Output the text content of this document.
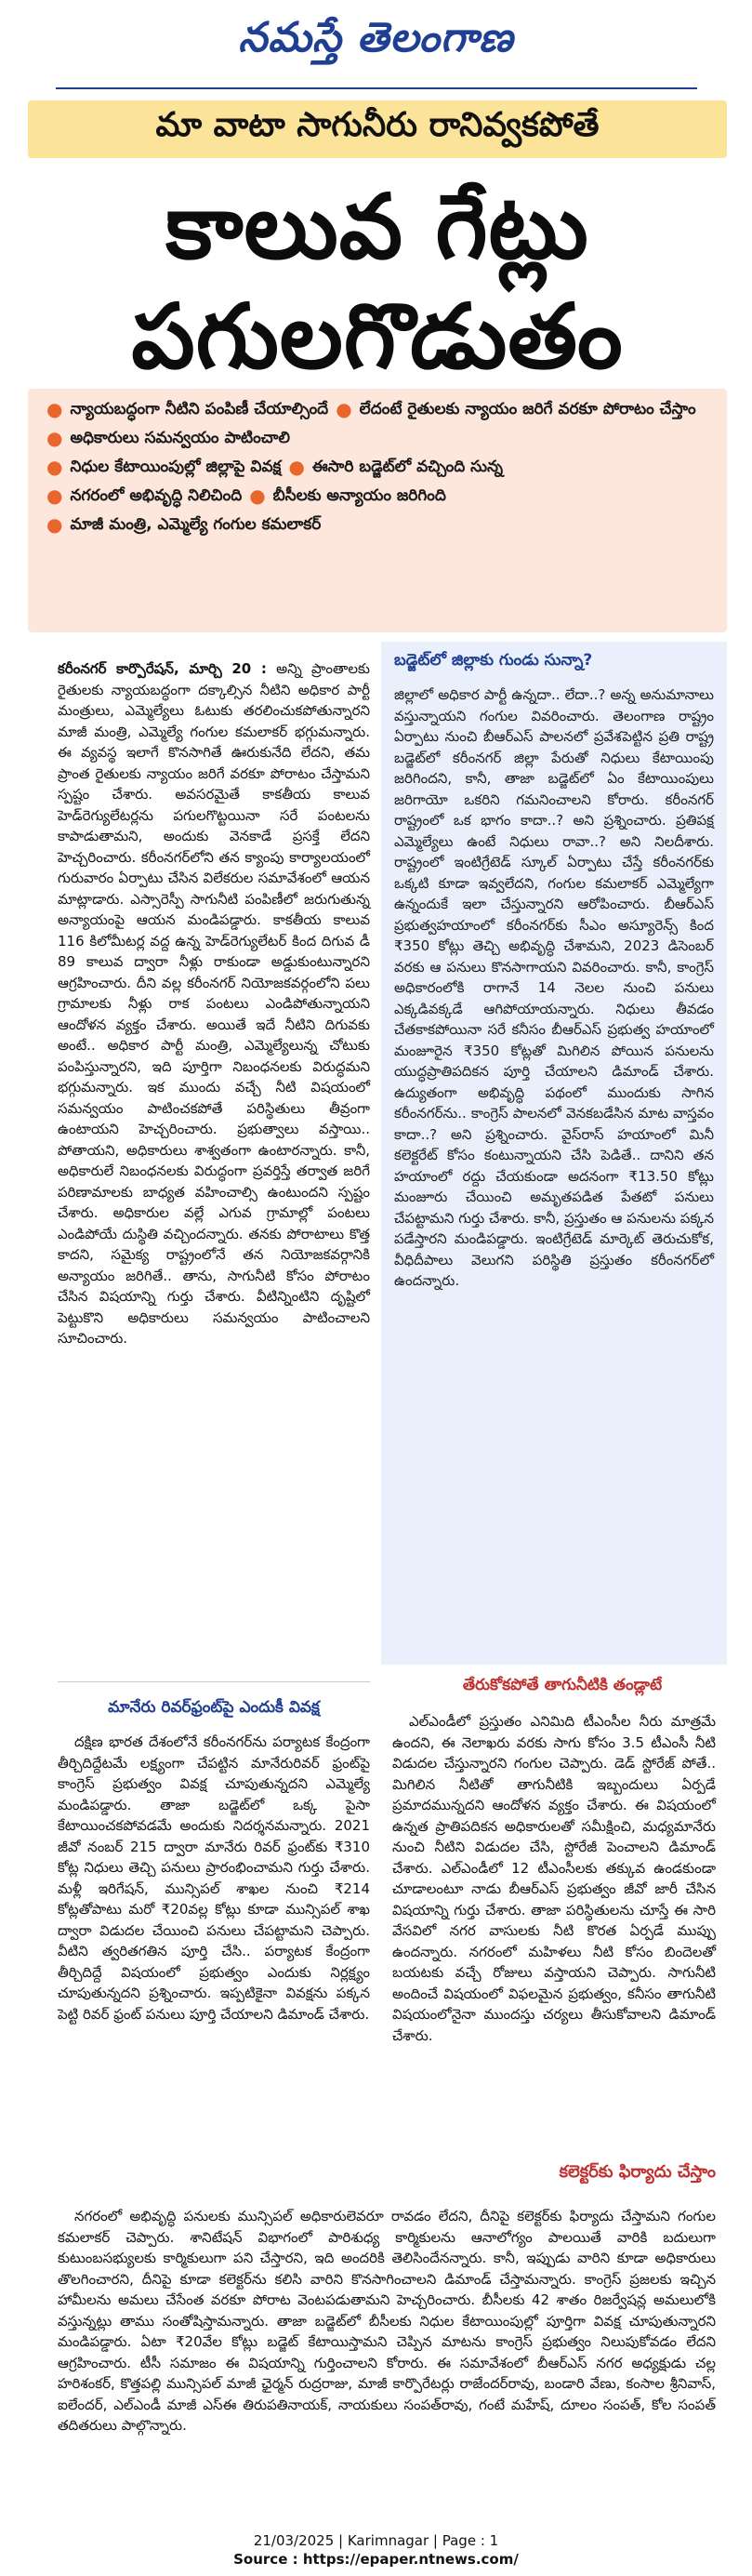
నమస్తే తెలంగాణ
మా వాటా సాగునీరు రానివ్వకపోతే
కాలువ గేట్లు
పగులగొడుతం
● న్యాయబద్ధంగా నీటిని పంపిణీ చేయాల్సిందే ● లేదంటే రైతులకు న్యాయం జరిగే వరకూ పోరాటం చేస్తాం
● అధికారులు సమన్వయం పాటించాలి
● నిధుల కేటాయింపుల్లో జిల్లాపై వివక్ష ● ఈసారి బడ్జెట్‌లో వచ్చింది సున్న
● నగరంలో అభివృద్ధి నిలిచింది ● బీసీలకు అన్యాయం జరిగింది
● మాజీ మంత్రి, ఎమ్మెల్యే గంగుల కమలాకర్

కరీంనగర్ కార్పొరేషన్, మార్చి 20 : అన్ని ప్రాంతాలకు రైతులకు న్యాయబద్ధంగా దక్కాల్సిన నీటిని అధికార పార్టీ మంత్రులు, ఎమ్మెల్యేలు ఓటుకు తరలించుకపోతున్నారని మాజీ మంత్రి, ఎమ్మెల్యే గంగుల కమలాకర్ భగ్గుమన్నారు. ఈ వ్యవస్థ ఇలాగే కొనసాగితే ఊరుకునేది లేదని, తమ ప్రాంత రైతులకు న్యాయం జరిగే వరకూ పోరాటం చేస్తామని స్పష్టం చేశారు. అవసరమైతే కాకతీయ కాలువ హెడ్‌రెగ్యులేటర్లను పగులగొట్టయినా సరే పంటలను కాపాడుతామని, అందుకు వెనకాడే ప్రసక్తే లేదని హెచ్చరించారు. కరీంనగర్‌లోని తన క్యాంపు కార్యాలయంలో గురువారం ఏర్పాటు చేసిన విలేకరుల సమావేశంలో ఆయన మాట్లాడారు. ఎస్సారెస్పీ సాగునీటి పంపిణీలో జరుగుతున్న అన్యాయంపై ఆయన మండిపడ్డారు. కాకతీయ కాలువ 116 కిలోమీటర్ల వద్ద ఉన్న హెడ్‌రెగ్యులేటర్ కింద దిగువ డీ 89 కాలువ ద్వారా నీళ్లు రాకుండా అడ్డుకుంటున్నారని ఆగ్రహించారు. దీని వల్ల కరీంనగర్ నియోజకవర్గంలోని పలు గ్రామాలకు నీళ్లు రాక పంటలు ఎండిపోతున్నాయని ఆందోళన వ్యక్తం చేశారు. అయితే ఇదే నీటిని దిగువకు అంటే.. అధికార పార్టీ మంత్రి, ఎమ్మెల్యేలున్న చోటుకు పంపిస్తున్నారని, ఇది పూర్తిగా నిబంధనలకు విరుద్ధమని భగ్గుమన్నారు. ఇక ముందు వచ్చే నీటి విషయంలో సమన్వయం పాటించకపోతే పరిస్థితులు తీవ్రంగా ఉంటాయని హెచ్చరించారు. ప్రభుత్వాలు వస్తాయి.. పోతాయని, అధికారులు శాశ్వతంగా ఉంటారన్నారు. కానీ, అధికారులే నిబంధనలకు విరుద్ధంగా ప్రవర్తిస్తే తర్వాత జరిగే పరిణామాలకు బాధ్యత వహించాల్సి ఉంటుందని స్పష్టం చేశారు. అధికారుల వల్లే ఎగువ గ్రామాల్లో పంటలు ఎండిపోయే దుస్థితి వచ్చిందన్నారు. తనకు పోరాటాలు కొత్త కాదని, సమైక్య రాష్ట్రంలోనే తన నియోజకవర్గానికి అన్యాయం జరిగితే.. తాను, సాగునీటి కోసం పోరాటం చేసిన విషయాన్ని గుర్తు చేశారు. వీటిన్నింటిని దృష్టిలో పెట్టుకొని అధికారులు సమన్వయం పాటించాలని సూచించారు.

బడ్జెట్‌లో జిల్లాకు గుండు సున్నా?

జిల్లాలో అధికార పార్టీ ఉన్నదా.. లేదా..? అన్న అనుమానాలు వస్తున్నాయని గంగుల వివరించారు. తెలంగాణ రాష్ట్రం ఏర్పాటు నుంచి బీఆర్‌ఎస్ పాలనలో ప్రవేశపెట్టిన ప్రతి రాష్ట్ర బడ్జెట్‌లో కరీంనగర్ జిల్లా పేరుతో నిధులు కేటాయింపు జరిగిందని, కానీ, తాజా బడ్జెట్‌లో ఏం కేటాయింపులు జరిగాయో ఒకరిని గమనించాలని కోరారు. కరీంనగర్ రాష్ట్రంలో ఒక భాగం కాదా..? అని ప్రశ్నించారు. ప్రతిపక్ష ఎమ్మెల్యేలు ఉంటే నిధులు రావా..? అని నిలదీశారు. రాష్ట్రంలో ఇంటిగ్రేటెడ్ స్కూల్ ఏర్పాటు చేస్తే కరీంనగర్‌కు ఒక్కటి కూడా ఇవ్వలేదని, గంగుల కమలాకర్ ఎమ్మెల్యేగా ఉన్నందుకే ఇలా చేస్తున్నారని ఆరోపించారు. బీఆర్‌ఎస్ ప్రభుత్వహయాంలో కరీంనగర్‌కు సీఎం అస్యూరెన్స్ కింద ₹350 కోట్లు తెచ్చి అభివృద్ధి చేశామని, 2023 డిసెంబర్ వరకు ఆ పనులు కొనసాగాయని వివరించారు. కానీ, కాంగ్రెస్ అధికారంలోకి రాగానే 14 నెలల నుంచి పనులు ఎక్కడివక్కడే ఆగిపోయాయన్నారు. నిధులు తీవడం చేతకాకపోయినా సరే కనీసం బీఆర్‌ఎస్ ప్రభుత్వ హయాంలో మంజూరైన ₹350 కోట్లతో మిగిలిన పోయిన పనులను యుద్ధప్రాతిపదికన పూర్తి చేయాలని డిమాండ్ చేశారు. ఉద్యుతంగా అభివృద్ధి పథంలో ముందుకు సాగిన కరీంనగర్‌ను.. కాంగ్రెస్ పాలనలో వెనకబడేసిన మాట వాస్తవం కాదా..? అని ప్రశ్నించారు. వైస్‌రాస్ హయాంలో మినీ కలెక్టరేట్ కోసం కంటున్నాయని చేసి పెడితే.. దానిని తన హయాంలో రద్దు చేయకుండా అదనంగా ₹13.50 కోట్లు మంజూరు చేయించి అమృతపడిత పేతటో పనులు చేపట్టామని గుర్తు చేశారు. కానీ, ప్రస్తుతం ఆ పనులను పక్కన పడేస్తారని మండిపడ్డారు. ఇంటిగ్రేటెడ్ మార్కెట్ తెరుచుకోక, వీధిదీపాలు వెలుగని పరిస్థితి ప్రస్తుతం కరీంనగర్‌లో ఉందన్నారు.

మానేరు రివర్‌ఫ్రంట్‌పై ఎందుకీ వివక్ష

దక్షిణ భారత దేశంలోనే కరీంనగర్‌ను పర్యాటక కేంద్రంగా తీర్చిదిద్దేటమే లక్ష్యంగా చేపట్టిన మానేరురివర్ ఫ్రంట్‌పై కాంగ్రెస్ ప్రభుత్వం వివక్ష చూపుతున్నదని ఎమ్మెల్యే మండిపడ్డారు. తాజా బడ్జెట్‌లో ఒక్క పైసా కేటాయించకపోవడమే అందుకు నిదర్శనమన్నారు. 2021 జీవో నంబర్ 215 ద్వారా మానేరు రివర్ ఫ్రంట్‌కు ₹310 కోట్ల నిధులు తెచ్చి పనులు ప్రారంభించామని గుర్తు చేశారు. మళ్లీ ఇరిగేషన్, మున్సిపల్ శాఖల నుంచి ₹214 కోట్లతోపాటు మరో ₹20వల్ల కోట్లు కూడా మున్సిపల్ శాఖ ద్వారా విడుదల చేయించి పనులు చేపట్టామని చెప్పారు. వీటిని త్వరితగతిన పూర్తి చేసి.. పర్యాటక కేంద్రంగా తీర్చిదిద్దే విషయంలో ప్రభుత్వం ఎందుకు నిర్లక్ష్యం చూపుతున్నదని ప్రశ్నించారు. ఇప్పటికైనా వివక్షను పక్కన పెట్టి రివర్ ఫ్రంట్ పనులు పూర్తి చేయాలని డిమాండ్ చేశారు.

తేరుకోకపోతే తాగునీటికి తండ్లాటే

ఎల్‌ఎండీలో ప్రస్తుతం ఎనిమిది టీఎంసీల నీరు మాత్రమే ఉందని, ఈ నెలాఖరు వరకు సాగు కోసం 3.5 టీఎంసీ నీటి విడుదల చేస్తున్నారని గంగుల చెప్పారు. డెడ్ స్టోరేజ్ పోతే.. మిగిలిన నీటితో తాగునీటికి ఇబ్బందులు ఏర్పడే ప్రమాదమున్నదని ఆందోళన వ్యక్తం చేశారు. ఈ విషయంలో ఉన్నత ప్రాతిపదికన అధికారులతో సమీక్షించి, మధ్యమానేరు నుంచి నీటిని విడుదల చేసి, స్టోరేజీ పెంచాలని డిమాండ్ చేశారు. ఎల్‌ఎండీలో 12 టీఎంసీలకు తక్కువ ఉండకుండా చూడాలంటూ నాడు బీఆర్‌ఎస్ ప్రభుత్వం జీవో జారీ చేసిన విషయాన్ని గుర్తు చేశారు. తాజా పరిస్థితులను చూస్తే ఈ సారి వేసవిలో నగర వాసులకు నీటి కొరత ఏర్పడే ముప్పు ఉందన్నారు. నగరంలో మహిళలు నీటి కోసం బిందెలతో బయటకు వచ్చే రోజులు వస్తాయని చెప్పారు. సాగునీటి అందించే విషయంలో విఫలమైన ప్రభుత్వం, కనీసం తాగునీటి విషయంలోనైనా ముందస్తు చర్యలు తీసుకోవాలని డిమాండ్ చేశారు.

కలెక్టర్‌కు ఫిర్యాదు చేస్తాం

నగరంలో అభివృద్ధి పనులకు మున్సిపల్ అధికారులెవరూ రావడం లేదని, దీనిపై కలెక్టర్‌కు ఫిర్యాదు చేస్తామని గంగుల కమలాకర్ చెప్పారు. శానిటేషన్ విభాగంలో పారిశుధ్య కార్మికులను ఆనాలోగ్యం పాలయితే వారికి బదులుగా కుటుంబసభ్యులకు కార్మికులుగా పని చేస్తారని, ఇది అందరికి తెలిసిందేనన్నారు. కానీ, ఇప్పుడు వారిని కూడా అధికారులు తొలగించారని, దీనిపై కూడా కలెక్టర్‌ను కలిసి వారిని కొనసాగించాలని డిమాండ్ చేస్తామన్నారు. కాంగ్రెస్ ప్రజలకు ఇచ్చిన హామీలను అమలు చేసేంత వరకూ పోరాట వెంటపడుతామని హెచ్చరించారు. బీసీలకు 42 శాతం రిజర్వేషన్ల అమలులోకి వస్తున్నట్లు తాము సంతోషిస్తామన్నారు. తాజా బడ్జెట్‌లో బీసీలకు నిధుల కేటాయింపుల్లో పూర్తిగా వివక్ష చూపుతున్నారని మండిపడ్డారు. ఏటా ₹20వేల కోట్లు బడ్జెట్ కేటాయిస్తామని చెప్పిన మాటను కాంగ్రెస్ ప్రభుత్వం నిలుపుకోవడం లేదని ఆగ్రహించారు. టీసీ సమాజం ఈ విషయాన్ని గుర్తించాలని కోరారు. ఈ సమావేశంలో బీఆర్‌ఎస్ నగర అధ్యక్షుడు చల్ల హరిశంకర్, కొత్తపల్లి మున్సిపల్ మాజీ ఛైర్మన్ రుద్రరాజు, మాజీ కార్పొరేటర్లు రాజేందర్‌రావు, బండారి వేణు, కంసాల శ్రీనివాస్, ఐలేందర్, ఎల్‌ఎండీ మాజీ ఎస్‌ఈ తిరుపతినాయక్, నాయకులు సంపత్‌రావు, గంటే మహేష్, దూలం సంపత్, కోల సంపత్ తదితరులు పాల్గొన్నారు.

21/03/2025 | Karimnagar | Page : 1
Source : https://epaper.ntnews.com/
